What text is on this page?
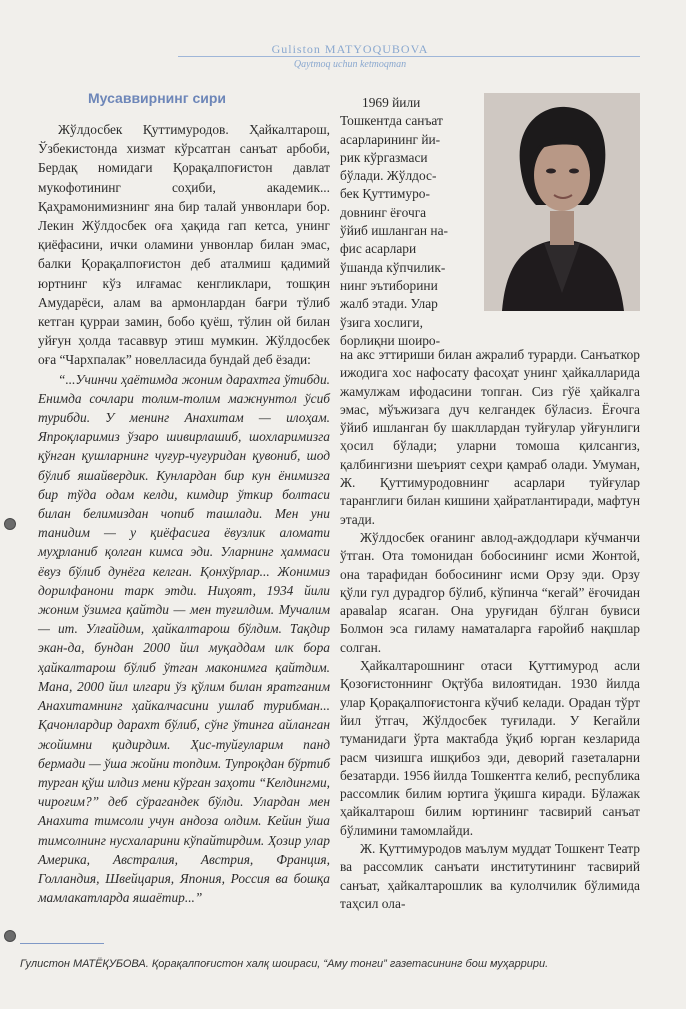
Guliston MATYOQUBOVA
Qaytmoq uchun ketmoqman
Мусаввирнинг сири

Жўлдосбек Қуттимуродов. Ҳайкалтарош, Ўзбекистонда хизмат кўрсатган санъат арбоби, Бердақ номидаги Қорақалпоғистон давлат мукофотининг соҳиби, академик... Қаҳрамонимизнинг яна бир талай унвонлари бор. Лекин Жўлдосбек оға ҳақида гап кетса, унинг қиёфасини, ички оламини унвонлар билан эмас, балки Қорақалпоғистон деб аталмиш қадимий юртнинг кўз илғамас кенгликлари, тошқин Амударёси, алам ва армонлардан бағри тўлиб кетган қурраи замин, бобо қуёш, тўлин ой билан уйғун ҳолда тасаввур этиш мумкин. Жўлдосбек оға “Чархпалак” новелласида бундай деб ёзади:

“...Учинчи ҳаётимда жоним дарахтга ўтибди. Енимда сочлари толим-толим мажнунтол ўсиб турибди. У менинг Анахитам — илоҳам. Япроқларимиз ўзаро шивирлашиб, шохларимизга қўнган қушларнинг чуғур-чуғуридан қувониб, шод бўлиб яшайвердик. Кунлардан бир кун ёнимизга бир тўда одам келди, кимдир ўткир болтаси билан белимиздан чопиб ташлади. Мен уни танидим — у қиёфасига ёвузлик аломати муҳрланиб қолган кимса эди. Уларнинг ҳаммаси ёвуз бўлиб дунёга келган. Қонхўрлар... Жонимиз дорилфанони тарк этди. Ниҳоят, 1934 йили жоним ўзимга қайтди — мен туғилдим. Мучалим — ит. Улғайдим, ҳайкалтарош бўлдим. Тақдир экан-да, бундан 2000 йил муқаддам илк бора ҳайкалтарош бўлиб ўтган маконимга қайтдим. Мана, 2000 йил илгари ўз қўлим билан яратганим Анахитамнинг ҳайкалчасини ушлаб турибман... Қачонлардир дарахт бўлиб, сўнг ўтинга айланган жойимни қидирдим. Ҳис-туйғуларим панд бермади — ўша жойни топдим. Тупроқдан бўртиб турган қўш илдиз мени кўрган заҳоти “Келдингми, чироғим?” деб сўрагандек бўлди. Улардан мен Анахита тимсоли учун андоза олдим. Кейин ўша тимсолнинг нусхаларини кўпайтирдим. Ҳозир улар Америка, Австралия, Австрия, Франция, Голландия, Швейцария, Япония, Россия ва бошқа мамлакатларда яшаётир...”

1969 йили

Тошкентда санъат

асарларининг йи-

рик кўргазмаси

бўлади. Жўлдос-

бек Қуттимуро-

довнинг ёғочга

ўйиб ишланган на-

фис асарлари

ўшанда кўпчилик-

нинг эътиборини

жалб этади. Улар

ўзига хослиги,

борлиқни шоиро-

на акс эттириши билан ажралиб турарди. Санъаткор ижодига хос нафосату фасоҳат унинг ҳайкалларида жамулжам ифодасини топган. Сиз гўё ҳайкалга эмас, мўъжизага дуч келгандек бўласиз. Ёғочга ўйиб ишланган бу шакллардан туйғулар уйғунлиги ҳосил бўлади; уларни томоша қилсангиз, қалбингизни шеърият сеҳри қамраб олади. Умуман, Ж. Қуттимуродовнинг асарлари туйғулар таранглиги билан кишини ҳайратлантиради, мафтун этади.

Жўлдосбек оғанинг авлод-аждодлари кўчманчи ўтган. Ота томонидан бобосининг исми Жонтой, она тарафидан бобосининг исми Орзу эди. Орзу қўли гул дурадгор бўлиб, кўпинча “кегай” ёғочидан араваlар ясаган. Она уруғидан бўлган бувиси Болмон эса гиламу наматаларга ғаройиб нақшлар солган.

Ҳайкалтарошнинг отаси Қуттимурод асли Қозоғистоннинг Оқтўба вилоятидан. 1930 йилда улар Қорақалпоғистонга кўчиб келади. Орадан тўрт йил ўтгач, Жўлдосбек туғилади. У Кегайли туманидаги ўрта мактабда ўқиб юрган кезларида расм чизишга ишқибоз эди, деворий газеталарни безатарди. 1956 йилда Тошкентга келиб, республика рассомлик билим юртига ўқишга киради. Бўлажак ҳайкалтарош билим юртининг тасвирий санъат бўлимини тамомлайди.

Ж. Қуттимуродов маълум муддат Тошкент Театр ва рассомлик санъати институтининг тасвирий санъат, ҳайкалтарошлик ва кулолчилик бўлимида таҳсил ола-

Гулистон МАТЁҚУБОВА. Қорақалпоғистон халқ шоираси, “Аму тонги” газетасининг бош муҳаррири.
